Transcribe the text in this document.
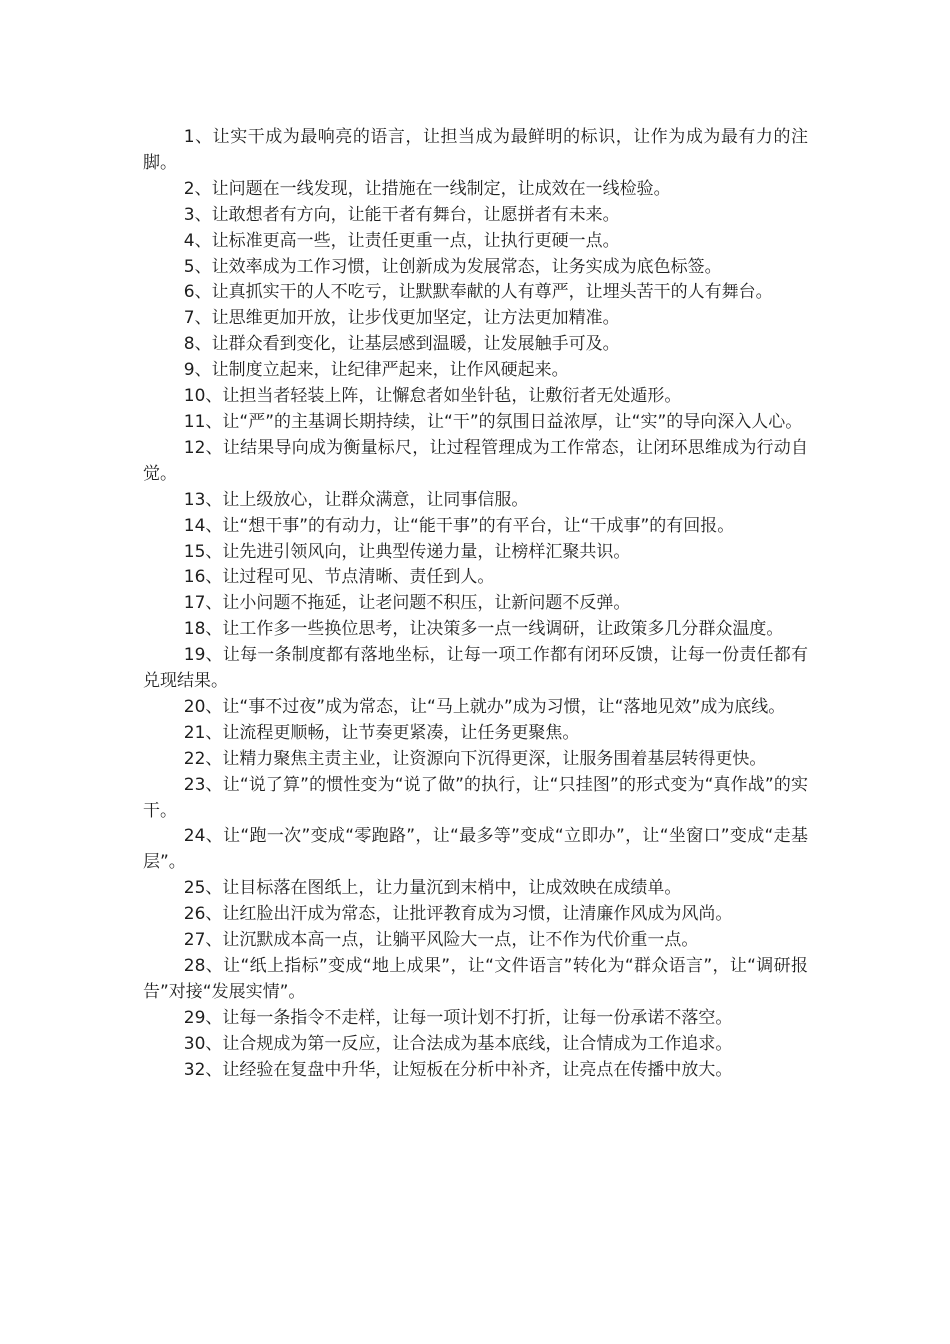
1、让实干成为最响亮的语言，让担当成为最鲜明的标识，让作为成为最有力的注脚。

2、让问题在一线发现，让措施在一线制定，让成效在一线检验。

3、让敢想者有方向，让能干者有舞台，让愿拼者有未来。

4、让标准更高一些，让责任更重一点，让执行更硬一点。

5、让效率成为工作习惯，让创新成为发展常态，让务实成为底色标签。

6、让真抓实干的人不吃亏，让默默奉献的人有尊严，让埋头苦干的人有舞台。

7、让思维更加开放，让步伐更加坚定，让方法更加精准。

8、让群众看到变化，让基层感到温暖，让发展触手可及。

9、让制度立起来，让纪律严起来，让作风硬起来。

10、让担当者轻装上阵，让懈怠者如坐针毡，让敷衍者无处遁形。

11、让“严”的主基调长期持续，让“干”的氛围日益浓厚，让“实”的导向深入人心。

12、让结果导向成为衡量标尺，让过程管理成为工作常态，让闭环思维成为行动自觉。

13、让上级放心，让群众满意，让同事信服。

14、让“想干事”的有动力，让“能干事”的有平台，让“干成事”的有回报。

15、让先进引领风向，让典型传递力量，让榜样汇聚共识。

16、让过程可见、节点清晰、责任到人。

17、让小问题不拖延，让老问题不积压，让新问题不反弹。

18、让工作多一些换位思考，让决策多一点一线调研，让政策多几分群众温度。

19、让每一条制度都有落地坐标，让每一项工作都有闭环反馈，让每一份责任都有兑现结果。

20、让“事不过夜”成为常态，让“马上就办”成为习惯，让“落地见效”成为底线。

21、让流程更顺畅，让节奏更紧凑，让任务更聚焦。

22、让精力聚焦主责主业，让资源向下沉得更深，让服务围着基层转得更快。

23、让“说了算”的惯性变为“说了做”的执行，让“只挂图”的形式变为“真作战”的实干。

24、让“跑一次”变成“零跑路”，让“最多等”变成“立即办”，让“坐窗口”变成“走基层”。

25、让目标落在图纸上，让力量沉到末梢中，让成效映在成绩单。

26、让红脸出汗成为常态，让批评教育成为习惯，让清廉作风成为风尚。

27、让沉默成本高一点，让躺平风险大一点，让不作为代价重一点。

28、让“纸上指标”变成“地上成果”，让“文件语言”转化为“群众语言”，让“调研报告”对接“发展实情”。

29、让每一条指令不走样，让每一项计划不打折，让每一份承诺不落空。

30、让合规成为第一反应，让合法成为基本底线，让合情成为工作追求。

32、让经验在复盘中升华，让短板在分析中补齐，让亮点在传播中放大。
